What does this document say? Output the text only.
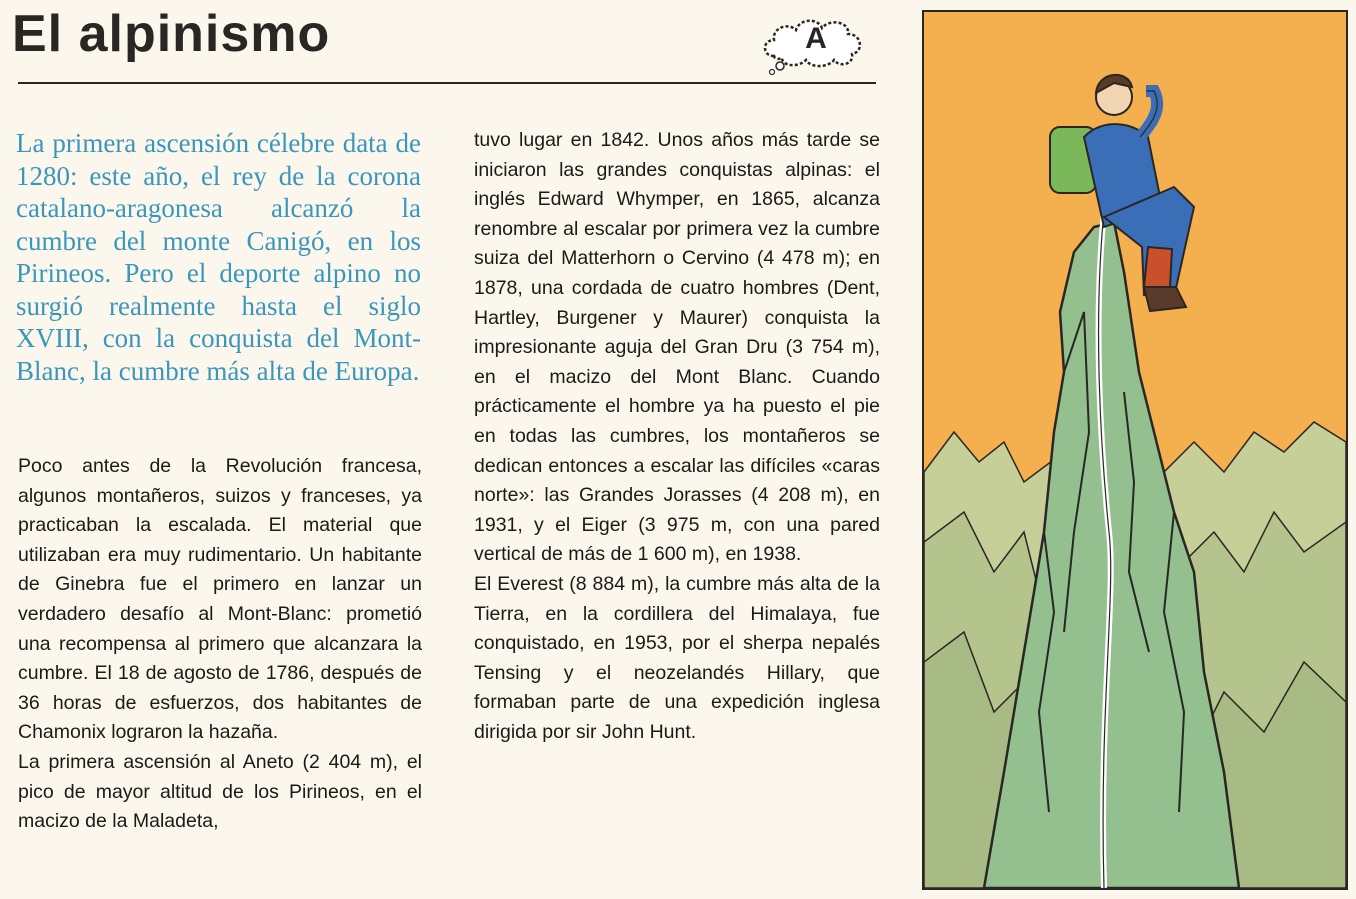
El alpinismo	A

La primera ascensión célebre data de 1280: este año, el rey de la corona catalano-aragonesa alcanzó la cumbre del monte Canigó, en los Pirineos. Pero el deporte alpino no surgió realmente hasta el siglo XVIII, con la conquista del Mont-Blanc, la cumbre más alta de Europa.

Poco antes de la Revolución francesa, algunos montañeros, suizos y franceses, ya practicaban la escalada. El material que utilizaban era muy rudimentario. Un habitante de Ginebra fue el primero en lanzar un verdadero desafío al Mont-Blanc: prometió una recompensa al primero que alcanzara la cumbre. El 18 de agosto de 1786, después de 36 horas de esfuerzos, dos habitantes de Chamonix lograron la hazaña.

La primera ascensión al Aneto (2 404 m), el pico de mayor altitud de los Pirineos, en el macizo de la Maladeta,

tuvo lugar en 1842. Unos años más tarde se iniciaron las grandes conquistas alpinas: el inglés Edward Whymper, en 1865, alcanza renombre al escalar por primera vez la cumbre suiza del Matterhorn o Cervino (4 478 m); en 1878, una cordada de cuatro hombres (Dent, Hartley, Burgener y Maurer) conquista la impresionante aguja del Gran Dru (3 754 m), en el macizo del Mont Blanc. Cuando prácticamente el hombre ya ha puesto el pie en todas las cumbres, los montañeros se dedican entonces a escalar las difíciles «caras norte»: las Grandes Jorasses (4 208 m), en 1931, y el Eiger (3 975 m, con una pared vertical de más de 1 600 m), en 1938.

El Everest (8 884 m), la cumbre más alta de la Tierra, en la cordillera del Himalaya, fue conquistado, en 1953, por el sherpa nepalés Tensing y el neozelandés Hillary, que formaban parte de una expedición inglesa dirigida por sir John Hunt.
